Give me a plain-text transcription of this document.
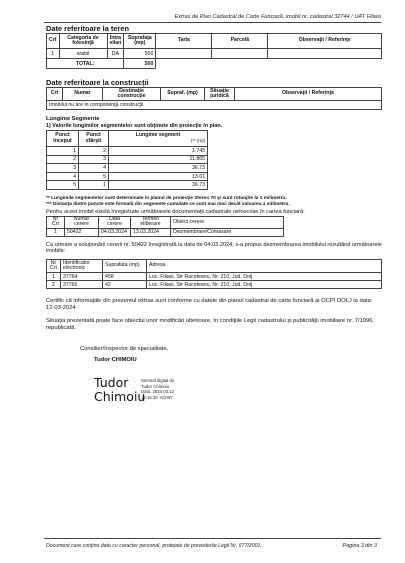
Extras de Plan Cadastral de Carte Funciară, imobil nr. cadastral 32744 / UAT Filiasi
Date referitoare la teren
Crt	Categoria de folosinţă	Intra vilan	Suprafaţa (mp)	Tarla	Parcelă	Observaţii / Referinţe
1	arabil	DA	500			
TOTAL:			500			
Date referitoare la construcţii
Crt	Numar	Destinaţie construcţie	Supraf. (mp)	Situaţie juridică	Observaţii / Referinţe
Imobilul nu are in componenţă construcţii
Lungime Segmente
1) Valorile lungimilor segmentelor sunt obţinute din proiecţie în plan.
Punct început	Punct sfârşit	Lungime segment

(** (m))

1	2	1.745
2	3	11.865
3	4	36.73
4	5	13.61
5	1	36.73
** Lungimile segmentelor sunt determinate în planul de proiecţie Stereo 70 şi sunt rotunjite la 1 milimetru.
*** Distanţa dintre puncte este formată din segmente cumulate ce sunt mai mici decât valoarea 1 milimetru.
Pentru acest imobil există înregistrate următoarele documentaţii cadastrale neînscrise în cartea funciară:
Nr Crt	Numar cerere	Data cerere	Termen eliberare	Obiect cerere
1	50422	04.03.2024	13.03.2024	Dezmembrare/Comasare
Ca urmare a soluţionării cererii nr. 50422 înregistrată la data de 04.03.2024, s-a propus dezmembrarea imobilului rezultând următoarele imobile:
Nr Crt	Identificator electronic	Suprafata (mp)	Adresa
1	37764	458	Loc. Filiasi, Str Racoteanu, Nr. 210, Jud. Dolj
2	37765	42	Loc. Filiasi, Str Racoteanu, Nr. 210, Jud. Dolj
Certific că informaţiile din prezentul extras sunt conforme cu datele din planul cadastral de carte funciară al OCPI DOLJ la data: 12-03-2024
Situaţia prezentată poate face obiectul unor modificări ulterioare, în condiţiile Legii cadastrului şi publicităţii imobiliare nr. 7/1996, republicată.
Consilier/Inspector de specialitate,
Tudor CHIMOIU
Tudor
Chimoiu
Semnat digital de
Tudor Chimoiu
Data: 2024.03.12
16:15:20 +02'00'
Document care conţine date cu caracter personal, protejate de prevederile Legii Nr. 677/2001.	Pagina 3 din 3
